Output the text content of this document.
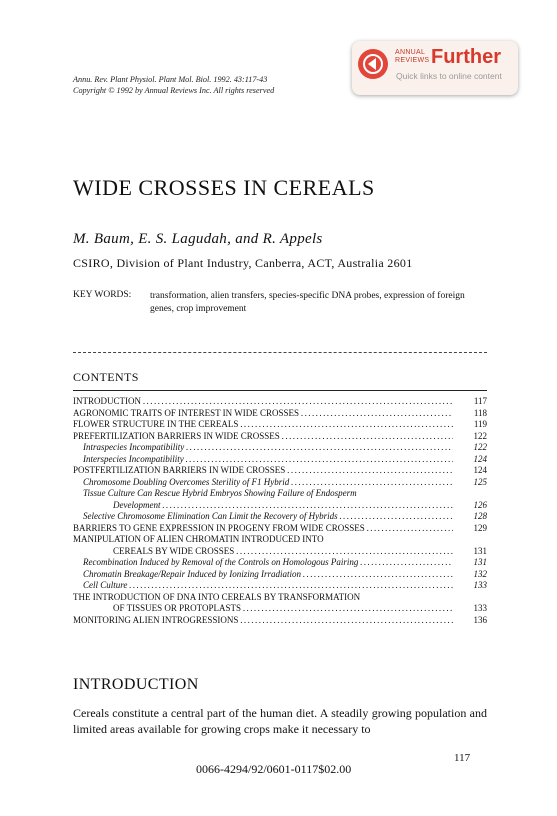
Annu. Rev. Plant Physiol. Plant Mol. Biol. 1992. 43:117-43
Copyright © 1992 by Annual Reviews Inc. All rights reserved
ANNUAL
REVIEWS Further
Quick links to online content
WIDE CROSSES IN CEREALS
M. Baum, E. S. Lagudah, and R. Appels
CSIRO, Division of Plant Industry, Canberra, ACT, Australia 2601
KEY WORDS: transformation, alien transfers, species-specific DNA probes, expression of foreign genes, crop improvement
CONTENTS
INTRODUCTION . . .	117
AGRONOMIC TRAITS OF INTEREST IN WIDE CROSSES . . .	118
FLOWER STRUCTURE IN THE CEREALS . . .	119
PREFERTILIZATION BARRIERS IN WIDE CROSSES . . .	122
Intraspecies Incompatibility . . .	122
Interspecies Incompatibility . . .	124
POSTFERTILIZATION BARRIERS IN WIDE CROSSES . . .	124
Chromosome Doubling Overcomes Sterility of F1 Hybrid . . .	125
Tissue Culture Can Rescue Hybrid Embryos Showing Failure of Endosperm
Development . . .	126
Selective Chromosome Elimination Can Limit the Recovery of Hybrids . . .	128
BARRIERS TO GENE EXPRESSION IN PROGENY FROM WIDE CROSSES . . .	129
MANIPULATION OF ALIEN CHROMATIN INTRODUCED INTO
CEREALS BY WIDE CROSSES . . .	131
Recombination Induced by Removal of the Controls on Homologous Pairing . . .	131
Chromatin Breakage/Repair Induced by Ionizing Irradiation . . .	132
Cell Culture . . .	133
THE INTRODUCTION OF DNA INTO CEREALS BY TRANSFORMATION
OF TISSUES OR PROTOPLASTS . . .	133
MONITORING ALIEN INTROGRESSIONS . . .	136
INTRODUCTION
Cereals constitute a central part of the human diet. A steadily growing population and limited areas available for growing crops make it necessary to
117
0066-4294/92/0601-0117$02.00
